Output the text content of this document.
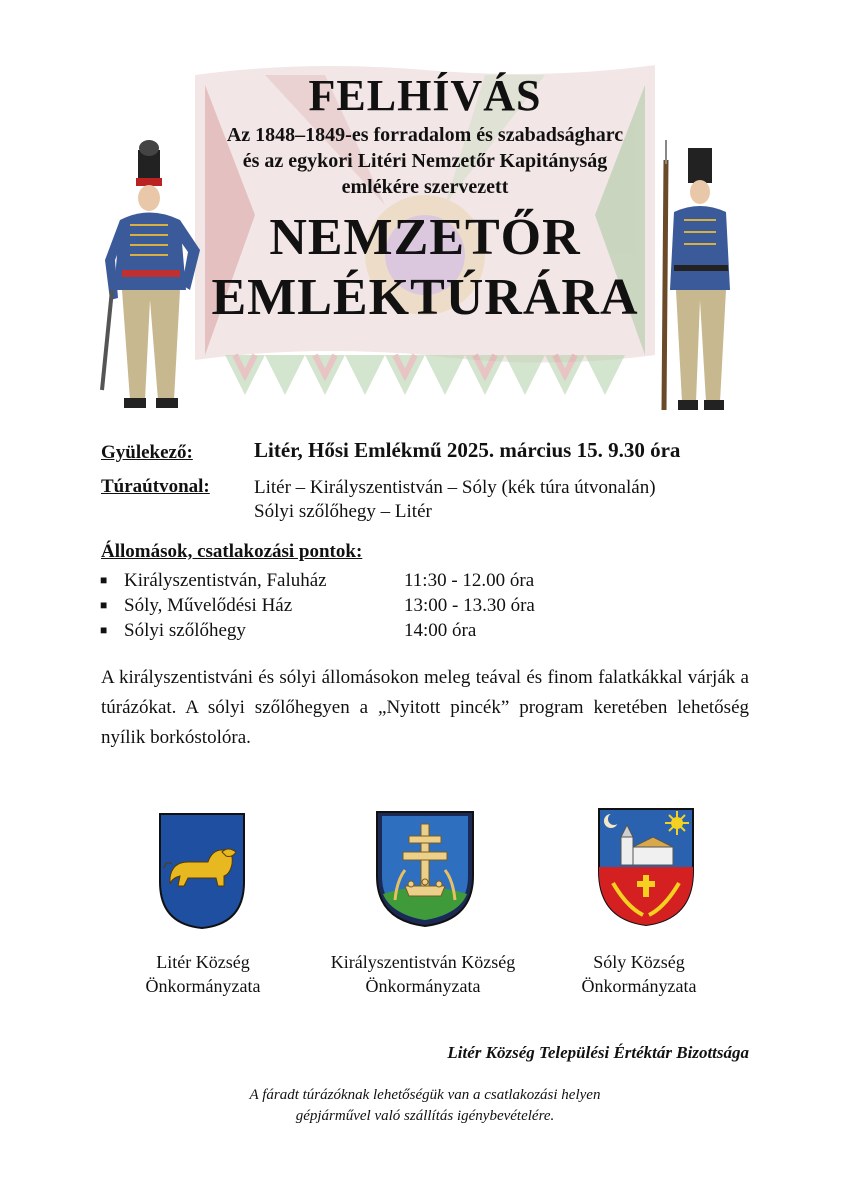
FELHÍVÁS
Az 1848–1849-es forradalom és szabadságharc
és az egykori Litéri Nemzetőr Kapitányság
emlékére szervezett
NEMZETŐR
EMLÉKTÚRÁRA
Gyülekező:	Litér, Hősi Emlékmű 2025. március 15. 9.30 óra
Túraútvonal: Litér – Királyszentistván – Sóly (kék túra útvonalán)
Sólyi szőlőhegy – Litér
Állomások, csatlakozási pontok:
■ Királyszentistván, Faluház	11:30 - 12.00 óra
■ Sóly, Művelődési Ház	13:00 - 13.30 óra
■ Sólyi szőlőhegy	14:00 óra
A királyszentistváni és sólyi állomásokon meleg teával és finom falatkákkal várják a túrázókat. A sólyi szőlőhegyen a „Nyitott pincék” program keretében lehetőség nyílik borkóstolóra.
Litér Község
Önkormányzata
Királyszentistván Község
Önkormányzata
Sóly Község
Önkormányzata
Litér Község Települési Értéktár Bizottsága
A fáradt túrázóknak lehetőségük van a csatlakozási helyen
gépjárművel való szállítás igénybevételére.
